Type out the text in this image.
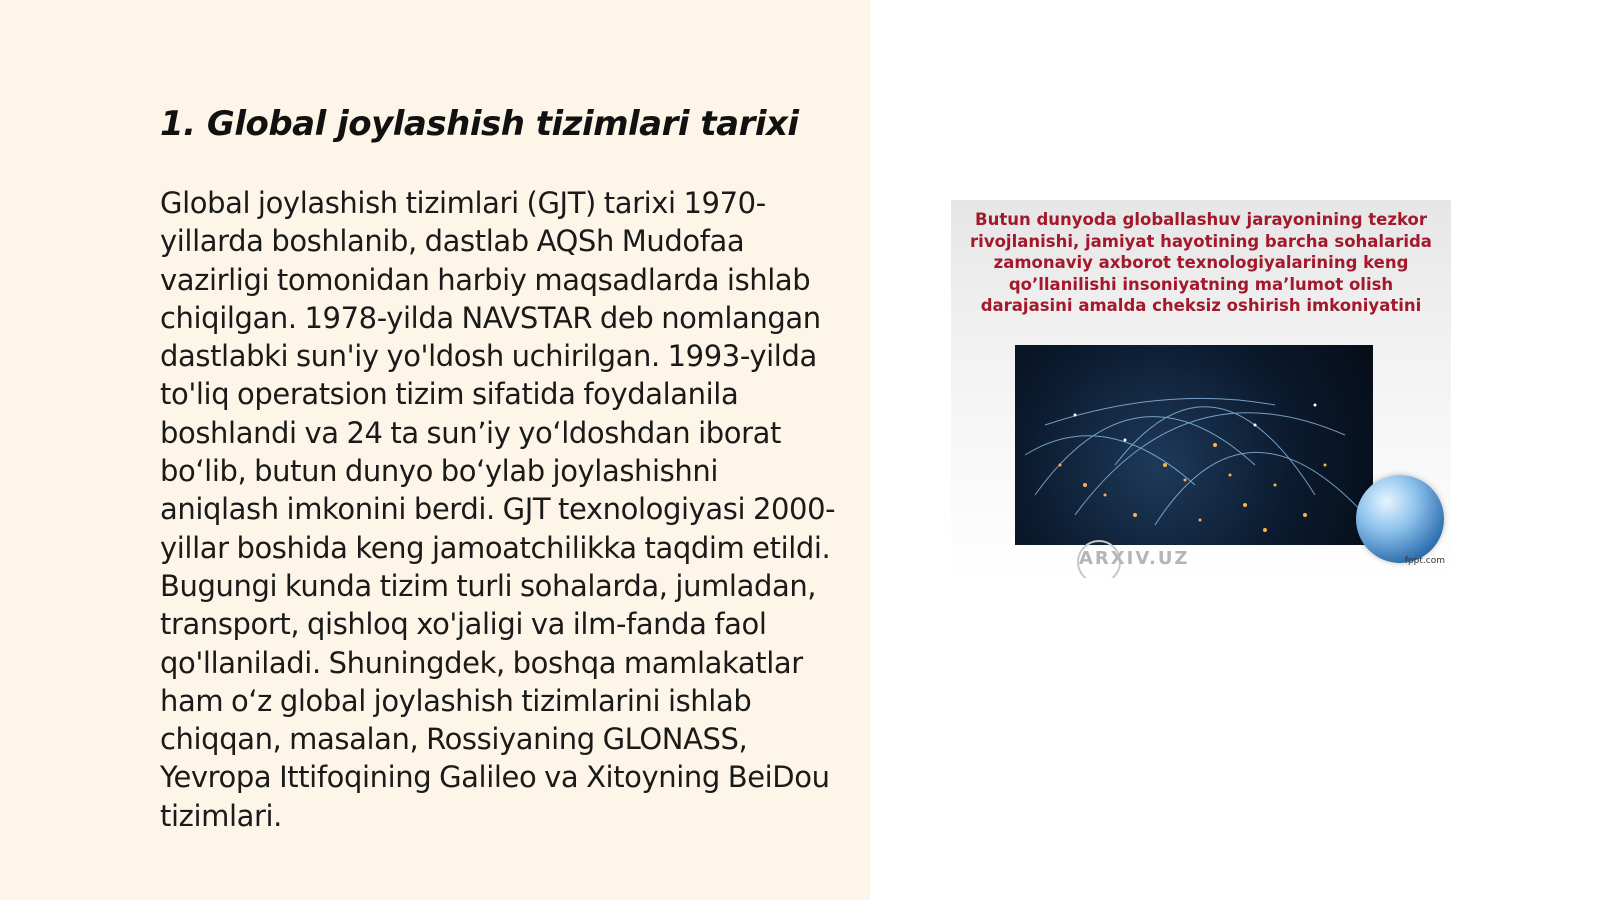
1. Global joylashish tizimlari tarixi

Global joylashish tizimlari (GJT) tarixi 1970-yillarda boshlanib, dastlab AQSh Mudofaa vazirligi tomonidan harbiy maqsadlarda ishlab chiqilgan. 1978-yilda NAVSTAR deb nomlangan dastlabki sun'iy yo'ldosh uchirilgan. 1993-yilda to'liq operatsion tizim sifatida foydalanila boshlandi va 24 ta sun’iy yo‘ldoshdan iborat bo‘lib, butun dunyo bo‘ylab joylashishni aniqlash imkonini berdi. GJT texnologiyasi 2000-yillar boshida keng jamoatchilikka taqdim etildi. Bugungi kunda tizim turli sohalarda, jumladan, transport, qishloq xo'jaligi va ilm-fanda faol qo'llaniladi. Shuningdek, boshqa mamlakatlar ham o‘z global joylashish tizimlarini ishlab chiqqan, masalan, Rossiyaning GLONASS, Yevropa Ittifoqining Galileo va Xitoyning BeiDou tizimlari.

Butun dunyoda globallashuv jarayonining tezkor rivojlanishi, jamiyat hayotining barcha sohalarida zamonaviy axborot texnologiyalarining keng qo’llanilishi insoniyatning ma’lumot olish darajasini amalda cheksiz oshirish imkoniyatini
ARXIV.UZ	fppt.com
